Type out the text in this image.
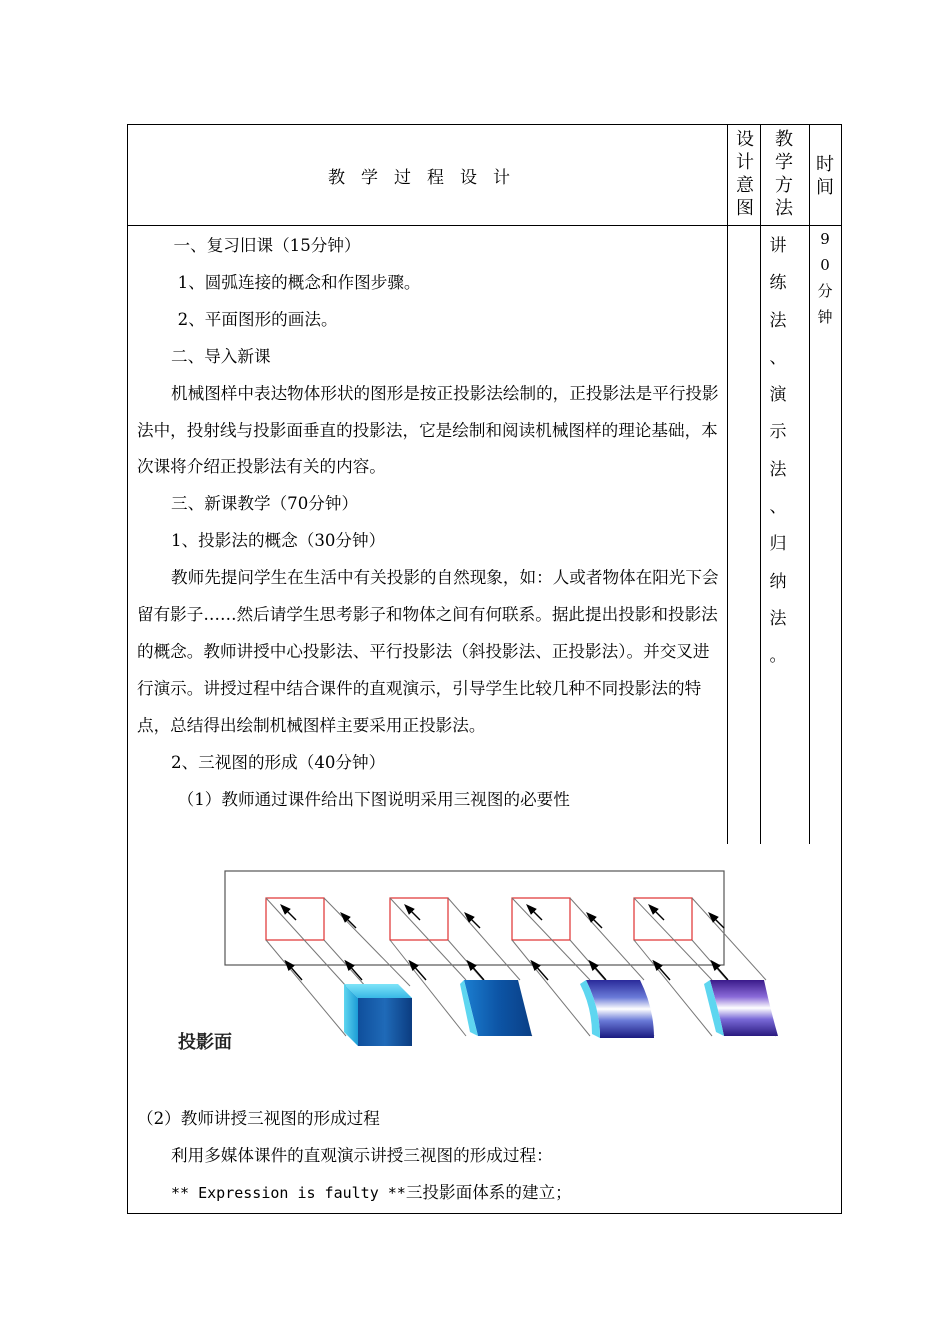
教学过程设计
设
计
意
图
教
学
方
法
时
间

一、复习旧课（15分钟）

1、圆弧连接的概念和作图步骤。

2、平面图形的画法。

二、导入新课

机械图样中表达物体形状的图形是按正投影法绘制的，正投影法是平行投影法中，投射线与投影面垂直的投影法，它是绘制和阅读机械图样的理论基础，本次课将介绍正投影法有关的内容。

三、新课教学（70分钟）

1、投影法的概念（30分钟）

教师先提问学生在生活中有关投影的自然现象，如：人或者物体在阳光下会留有影子……然后请学生思考影子和物体之间有何联系。据此提出投影和投影法的概念。教师讲授中心投影法、平行投影法（斜投影法、正投影法）。并交叉进行演示。讲授过程中结合课件的直观演示，引导学生比较几种不同投影法的特点，总结得出绘制机械图样主要采用正投影法。

2、三视图的形成（40分钟）

（1）教师通过课件给出下图说明采用三视图的必要性

讲
练
法
、
演
示
法
、
归
纳
法
。
9
0
分
钟
投影面

（2）教师讲授三视图的形成过程

利用多媒体课件的直观演示讲授三视图的形成过程：

** Expression is faulty **三投影面体系的建立；
